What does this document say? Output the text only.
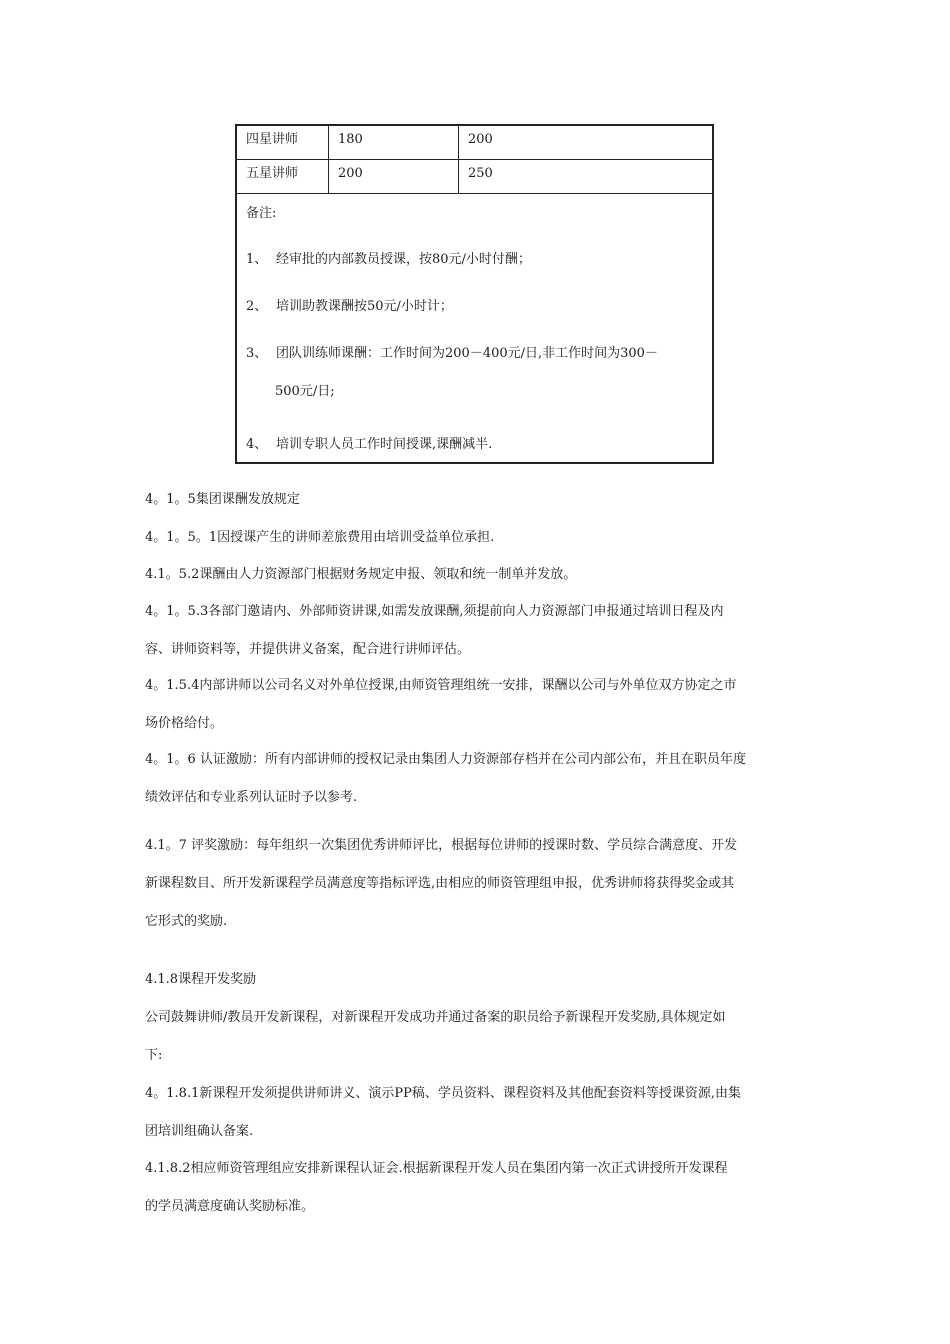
四星讲师	180	200
五星讲师	200	250
备注:
1、 经审批的内部教员授课，按80元/小时付酬；
2、 培训助教课酬按50元/小时计；
3、 团队训练师课酬：工作时间为200－400元/日,非工作时间为300－
500元/日;
4、 培训专职人员工作时间授课,课酬减半.
4。1。5集团课酬发放规定
4。1。5。1因授课产生的讲师差旅费用由培训受益单位承担.
4.1。5.2课酬由人力资源部门根据财务规定申报、领取和统一制单并发放。
4。1。5.3各部门邀请内、外部师资讲课,如需发放课酬,须提前向人力资源部门申报通过培训日程及内
容、讲师资料等，并提供讲义备案，配合进行讲师评估。
4。1.5.4内部讲师以公司名义对外单位授课,由师资管理组统一安排，课酬以公司与外单位双方协定之市
场价格给付。
4。1。6 认证激励：所有内部讲师的授权记录由集团人力资源部存档并在公司内部公布，并且在职员年度
绩效评估和专业系列认证时予以参考.
4.1。7 评奖激励：每年组织一次集团优秀讲师评比，根据每位讲师的授课时数、学员综合满意度、开发
新课程数目、所开发新课程学员满意度等指标评选,由相应的师资管理组申报，优秀讲师将获得奖金或其
它形式的奖励.
4.1.8课程开发奖励
公司鼓舞讲师/教员开发新课程，对新课程开发成功并通过备案的职员给予新课程开发奖励,具体规定如
下:
4。1.8.1新课程开发须提供讲师讲义、演示PP稿、学员资料、课程资料及其他配套资料等授课资源,由集
团培训组确认备案.
4.1.8.2相应师资管理组应安排新课程认证会.根据新课程开发人员在集团内第一次正式讲授所开发课程
的学员满意度确认奖励标准。
